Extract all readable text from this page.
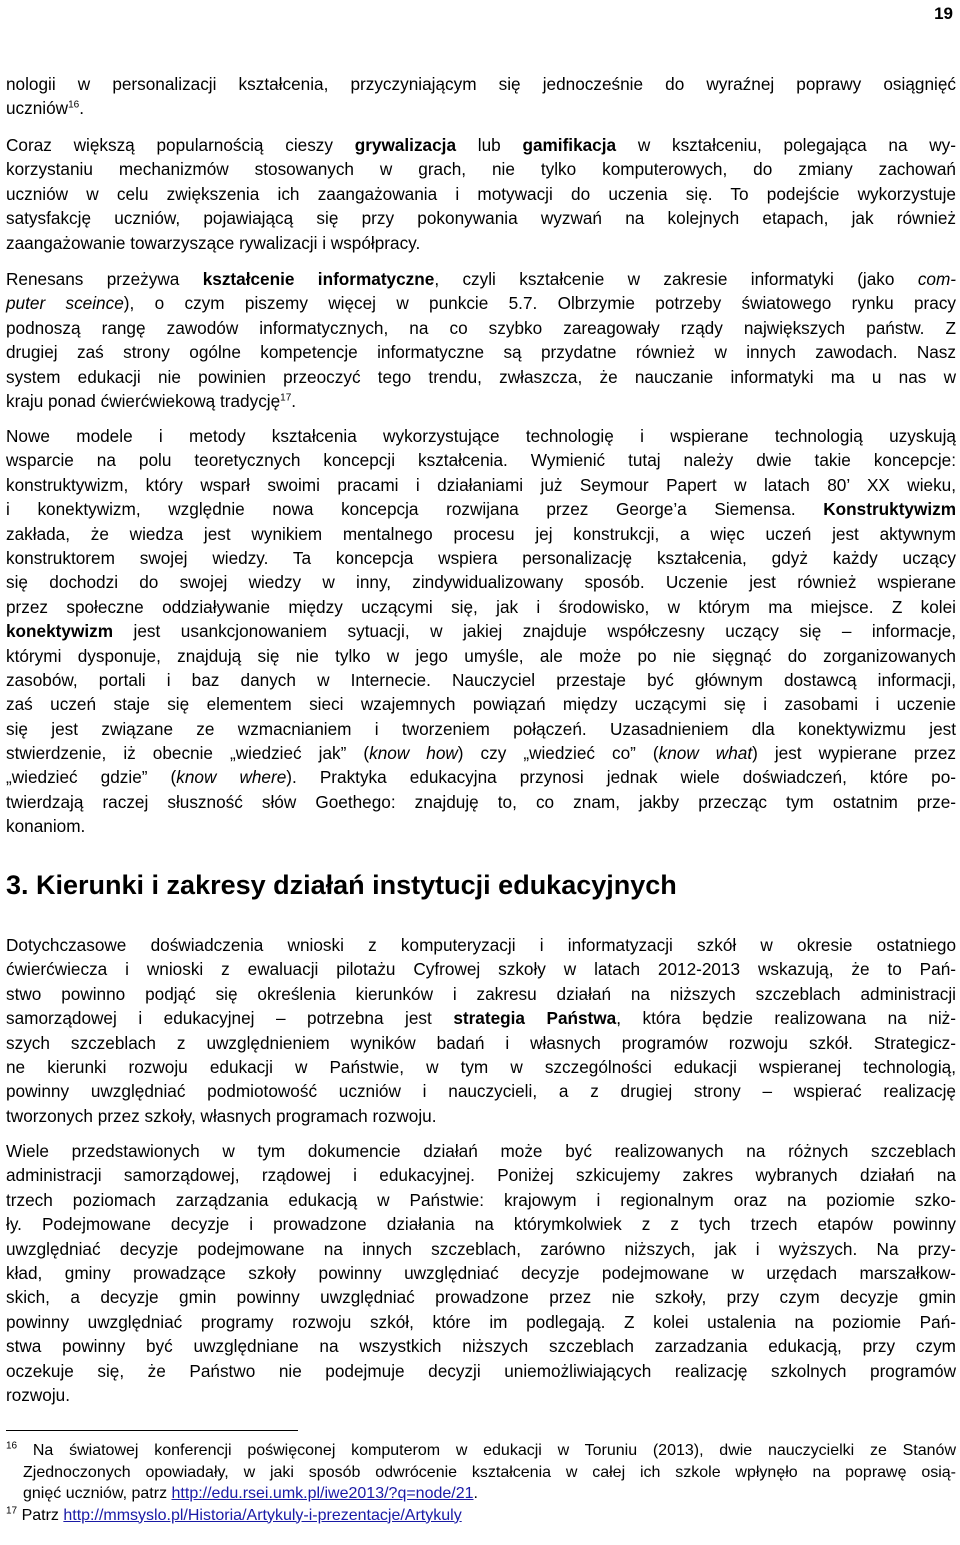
19
nologii w personalizacji kształcenia, przyczyniającym się jednocześnie do wyraźnej poprawy osiągnięć
uczniów$^{16}$.
Coraz większą popularnością cieszy grywalizacja lub gamifikacja w kształceniu, polegająca na wy-
korzystaniu mechanizmów stosowanych w grach, nie tylko komputerowych, do zmiany zachowań
uczniów w celu zwiększenia ich zaangażowania i motywacji do uczenia się. To podejście wykorzystuje
satysfakcję uczniów, pojawiającą się przy pokonywania wyzwań na kolejnych etapach, jak również
zaangażowanie towarzyszące rywalizacji i współpracy.
Renesans przeżywa kształcenie informatyczne, czyli kształcenie w zakresie informatyki (jako com-
puter sceince), o czym piszemy więcej w punkcie 5.7. Olbrzymie potrzeby światowego rynku pracy
podnoszą rangę zawodów informatycznych, na co szybko zareagowały rządy największych państw. Z
drugiej zaś strony ogólne kompetencje informatyczne są przydatne również w innych zawodach. Nasz
system edukacji nie powinien przeoczyć tego trendu, zwłaszcza, że nauczanie informatyki ma u nas w
kraju ponad ćwierćwiekową tradycję$^{17}$.
Nowe modele i metody kształcenia wykorzystujące technologię i wspierane technologią uzyskują
wsparcie na polu teoretycznych koncepcji kształcenia. Wymienić tutaj należy dwie takie koncepcje:
konstruktywizm, który wsparł swoimi pracami i działaniami już Seymour Papert w latach 80’ XX wieku,
i konektywizm, względnie nowa koncepcja rozwijana przez George’a Siemensa. Konstruktywizm
zakłada, że wiedza jest wynikiem mentalnego procesu jej konstrukcji, a więc uczeń jest aktywnym
konstruktorem swojej wiedzy. Ta koncepcja wspiera personalizację kształcenia, gdyż każdy uczący
się dochodzi do swojej wiedzy w inny, zindywidualizowany sposób. Uczenie jest również wspierane
przez społeczne oddziaływanie między uczącymi się, jak i środowisko, w którym ma miejsce. Z kolei
konektywizm jest usankcjonowaniem sytuacji, w jakiej znajduje współczesny uczący się – informacje,
którymi dysponuje, znajdują się nie tylko w jego umyśle, ale może po nie sięgnąć do zorganizowanych
zasobów, portali i baz danych w Internecie. Nauczyciel przestaje być głównym dostawcą informacji,
zaś uczeń staje się elementem sieci wzajemnych powiązań między uczącymi się i zasobami i uczenie
się jest związane ze wzmacnianiem i tworzeniem połączeń. Uzasadnieniem dla konektywizmu jest
stwierdzenie, iż obecnie „wiedzieć jak” (know how) czy „wiedzieć co” (know what) jest wypierane przez
„wiedzieć gdzie” (know where). Praktyka edukacyjna przynosi jednak wiele doświadczeń, które po-
twierdzają raczej słuszność słów Goethego: znajduję to, co znam, jakby przecząc tym ostatnim prze-
konaniom.
3. Kierunki i zakresy działań instytucji edukacyjnych
Dotychczasowe doświadczenia wnioski z komputeryzacji i informatyzacji szkół w okresie ostatniego
ćwierćwiecza i wnioski z ewaluacji pilotażu Cyfrowej szkoły w latach 2012-2013 wskazują, że to Pań-
stwo powinno podjąć się określenia kierunków i zakresu działań na niższych szczeblach administracji
samorządowej i edukacyjnej – potrzebna jest strategia Państwa, która będzie realizowana na niż-
szych szczeblach z uwzględnieniem wyników badań i własnych programów rozwoju szkół. Strategicz-
ne kierunki rozwoju edukacji w Państwie, w tym w szczególności edukacji wspieranej technologią,
powinny uwzględniać podmiotowość uczniów i nauczycieli, a z drugiej strony – wspierać realizację
tworzonych przez szkoły, własnych programach rozwoju.
Wiele przedstawionych w tym dokumencie działań może być realizowanych na różnych szczeblach
administracji samorządowej, rządowej i edukacyjnej. Poniżej szkicujemy zakres wybranych działań na
trzech poziomach zarządzania edukacją w Państwie: krajowym i regionalnym oraz na poziomie szko-
ły. Podejmowane decyzje i prowadzone działania na którymkolwiek z z tych trzech etapów powinny
uwzględniać decyzje podejmowane na innych szczeblach, zarówno niższych, jak i wyższych. Na przy-
kład, gminy prowadzące szkoły powinny uwzględniać decyzje podejmowane w urzędach marszałkow-
skich, a decyzje gmin powinny uwzględniać prowadzone przez nie szkoły, przy czym decyzje gmin
powinny uwzględniać programy rozwoju szkół, które im podlegają. Z kolei ustalenia na poziomie Pań-
stwa powinny być uwzględniane na wszystkich niższych szczeblach zarzadzania edukacją, przy czym
oczekuje się, że Państwo nie podejmuje decyzji uniemożliwiających realizację szkolnych programów
rozwoju.
$^{16}$ Na światowej konferencji poświęconej komputerom w edukacji w Toruniu (2013), dwie nauczycielki ze Stanów
Zjednoczonych opowiadały, w jaki sposób odwrócenie kształcenia w całej ich szkole wpłynęło na poprawę osią-
gnięć uczniów, patrz http://edu.rsei.umk.pl/iwe2013/?q=node/21.
$^{17}$ Patrz http://mmsyslo.pl/Historia/Artykuly-i-prezentacje/Artykuly
